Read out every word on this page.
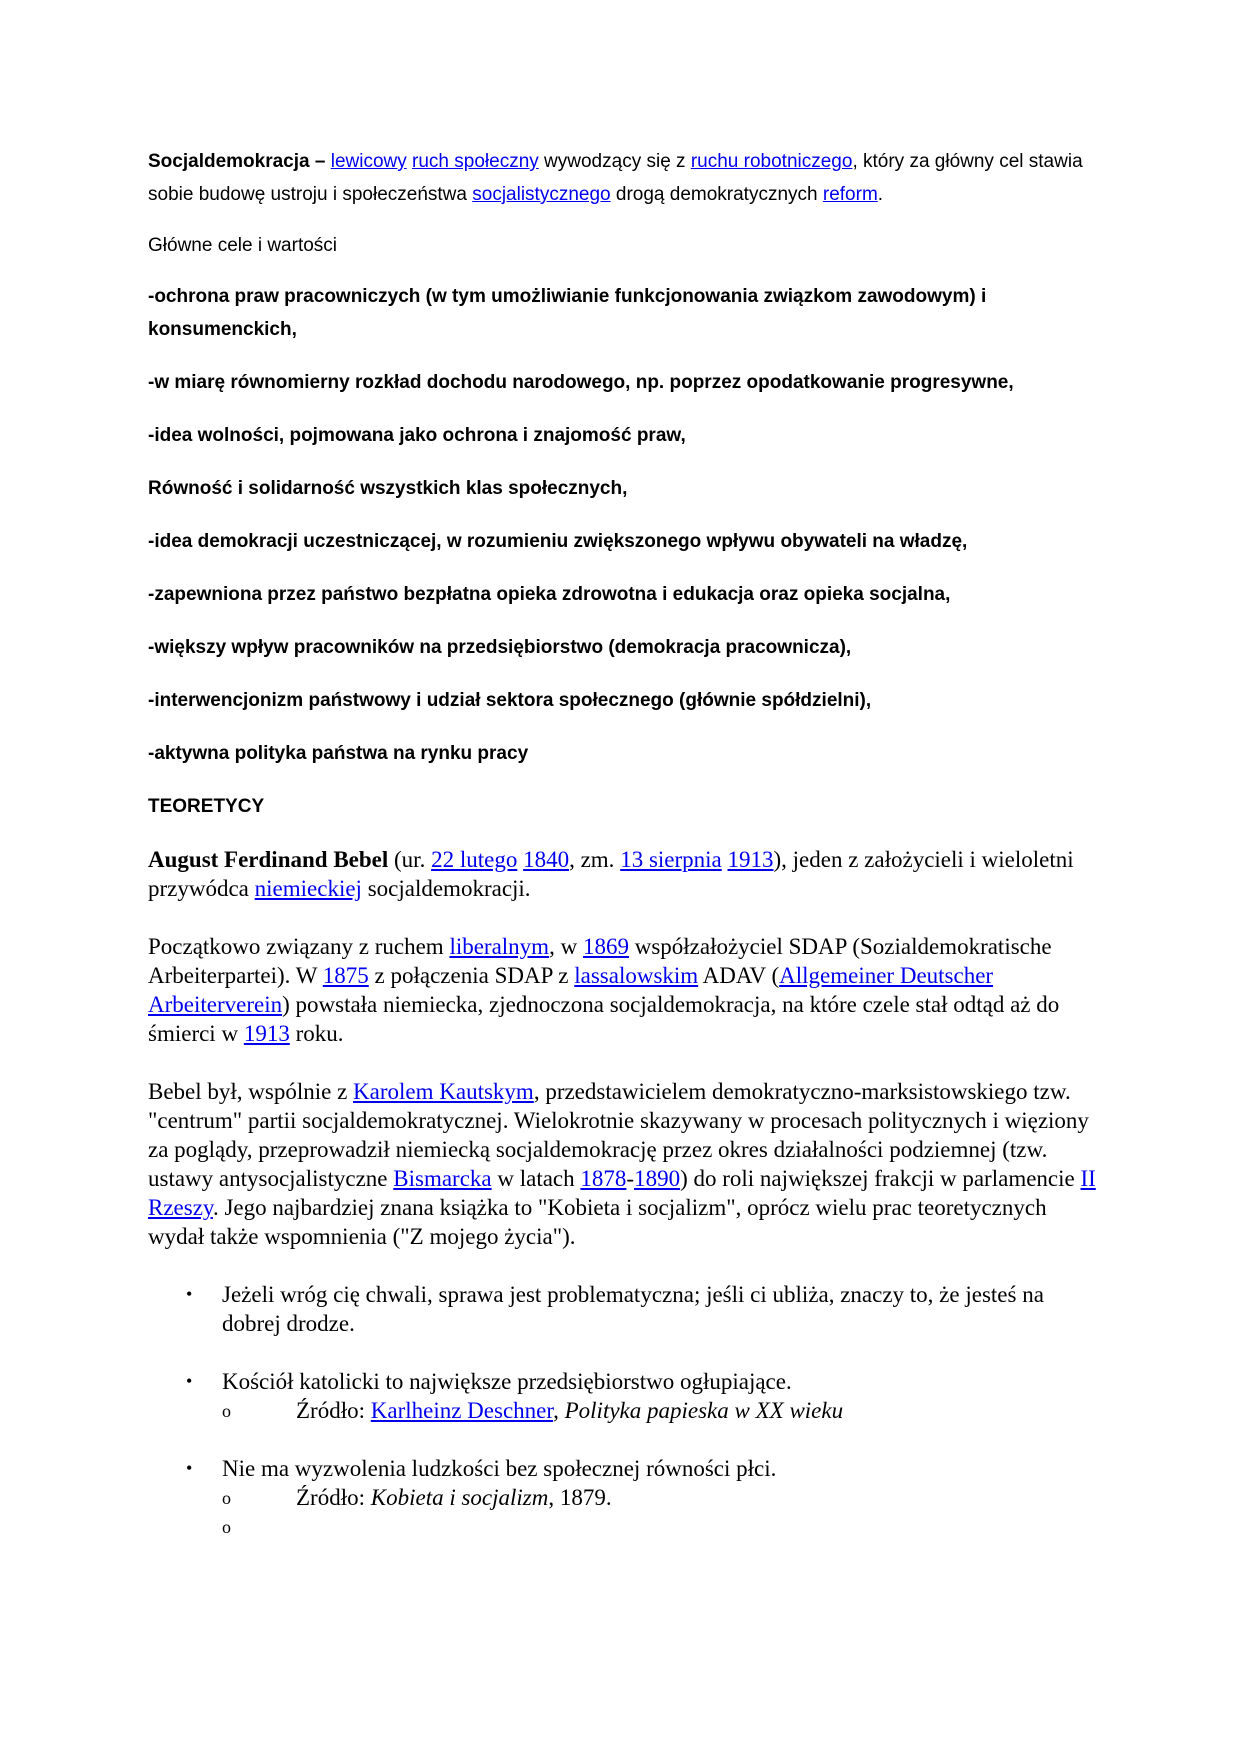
Socjaldemokracja – lewicowy ruch społeczny wywodzący się z ruchu robotniczego, który za główny cel stawia sobie budowę ustroju i społeczeństwa socjalistycznego drogą demokratycznych reform.

Główne cele i wartości

-ochrona praw pracowniczych (w tym umożliwianie funkcjonowania związkom zawodowym) i konsumenckich,

-w miarę równomierny rozkład dochodu narodowego, np. poprzez opodatkowanie progresywne,

-idea wolności, pojmowana jako ochrona i znajomość praw,

Równość i solidarność wszystkich klas społecznych,

-idea demokracji uczestniczącej, w rozumieniu zwiększonego wpływu obywateli na władzę,

-zapewniona przez państwo bezpłatna opieka zdrowotna i edukacja oraz opieka socjalna,

-większy wpływ pracowników na przedsiębiorstwo (demokracja pracownicza),

-interwencjonizm państwowy i udział sektora społecznego (głównie spółdzielni),

-aktywna polityka państwa na rynku pracy

TEORETYCY

August Ferdinand Bebel (ur. 22 lutego 1840, zm. 13 sierpnia 1913), jeden z założycieli i wieloletni przywódca niemieckiej socjaldemokracji.

Początkowo związany z ruchem liberalnym, w 1869 współzałożyciel SDAP (Sozialdemokratische Arbeiterpartei). W 1875 z połączenia SDAP z lassalowskim ADAV (Allgemeiner Deutscher Arbeiterverein) powstała niemiecka, zjednoczona socjaldemokracja, na które czele stał odtąd aż do śmierci w 1913 roku.

Bebel był, wspólnie z Karolem Kautskym, przedstawicielem demokratyczno-marksistowskiego tzw. "centrum" partii socjaldemokratycznej. Wielokrotnie skazywany w procesach politycznych i więziony za poglądy, przeprowadził niemiecką socjaldemokrację przez okres działalności podziemnej (tzw. ustawy antysocjalistyczne Bismarcka w latach 1878-1890) do roli największej frakcji w parlamencie II Rzeszy. Jego najbardziej znana książka to "Kobieta i socjalizm", oprócz wielu prac teoretycznych wydał także wspomnienia ("Z mojego życia").

• Jeżeli wróg cię chwali, sprawa jest problematyczna; jeśli ci ubliża, znaczy to, że jesteś na dobrej drodze.
• Kościół katolicki to największe przedsiębiorstwo ogłupiające.
o	Źródło: Karlheinz Deschner, Polityka papieska w XX wieku
• Nie ma wyzwolenia ludzkości bez społecznej równości płci.
o	Źródło: Kobieta i socjalizm, 1879.
o
